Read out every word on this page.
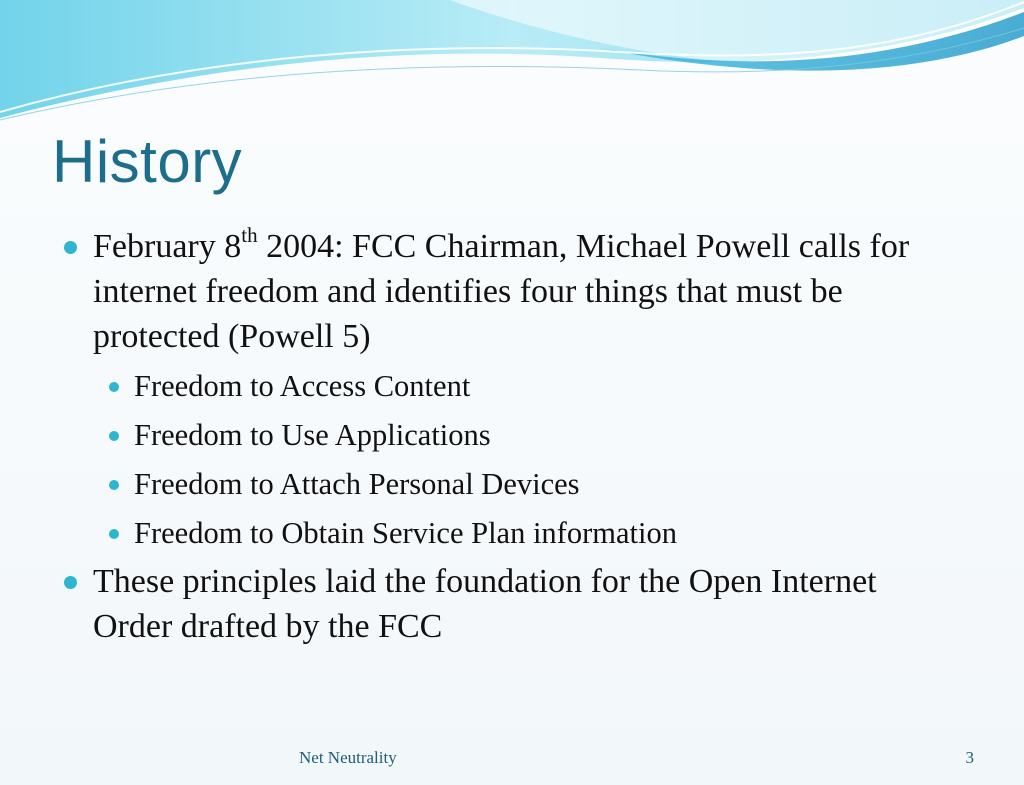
History

February 8th 2004: FCC Chairman, Michael Powell calls for internet freedom and identifies four things that must be protected (Powell 5)

Freedom to Access Content

Freedom to Use Applications

Freedom to Attach Personal Devices

Freedom to Obtain Service Plan information

These principles laid the foundation for the Open Internet Order drafted by the FCC

Net Neutrality	3
